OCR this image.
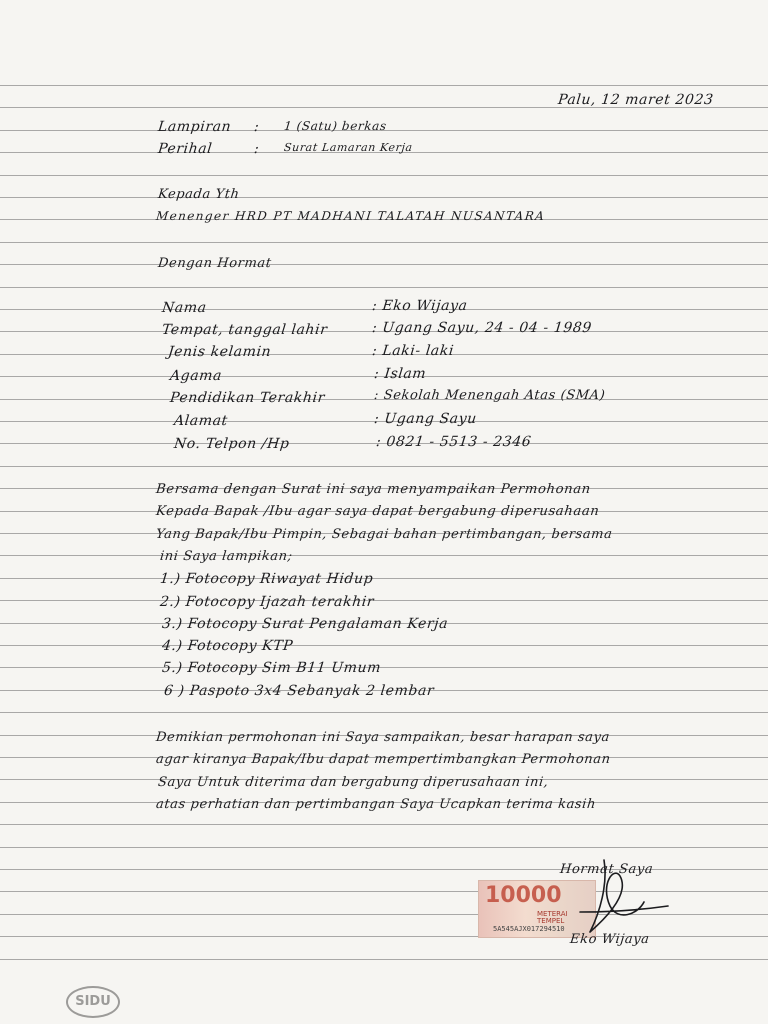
Palu, 12 maret 2023
Lampiran : 1 (Satu) berkas
Perihal	: Surat Lamaran Kerja
Kepada Yth
Menenger HRD PT MADHANI TALATAH NUSANTARA
Dengan Hormat
Nama	: Eko Wijaya
Tempat, tanggal lahir	: Ugang Sayu, 24 - 04 - 1989
Jenis kelamin	: Laki- laki
Agama	: Islam
Pendidikan Terakhir	: Sekolah Menengah Atas (SMA)
Alamat	: Ugang Sayu
No. Telpon /Hp	: 0821 - 5513 - 2346
Bersama dengan Surat ini saya menyampaikan Permohonan
Kepada Bapak /Ibu agar saya dapat bergabung diperusahaan
Yang Bapak/Ibu Pimpin, Sebagai bahan pertimbangan, bersama
ini Saya lampikan;
1.) Fotocopy Riwayat Hidup
2.) Fotocopy Ijazah terakhir
3.) Fotocopy Surat Pengalaman Kerja
4.) Fotocopy KTP
5.) Fotocopy Sim B11 Umum
6 ) Paspoto 3x4 Sebanyak 2 lembar
Demikian permohonan ini Saya sampaikan, besar harapan saya
agar kiranya Bapak/Ibu dapat mempertimbangkan Permohonan
Saya Untuk diterima dan bergabung diperusahaan ini,
atas perhatian dan pertimbangan Saya Ucapkan terima kasih
Hormat Saya
10000
METERAI
TEMPEL
5A545AJX017294510
Eko Wijaya
SIDU
